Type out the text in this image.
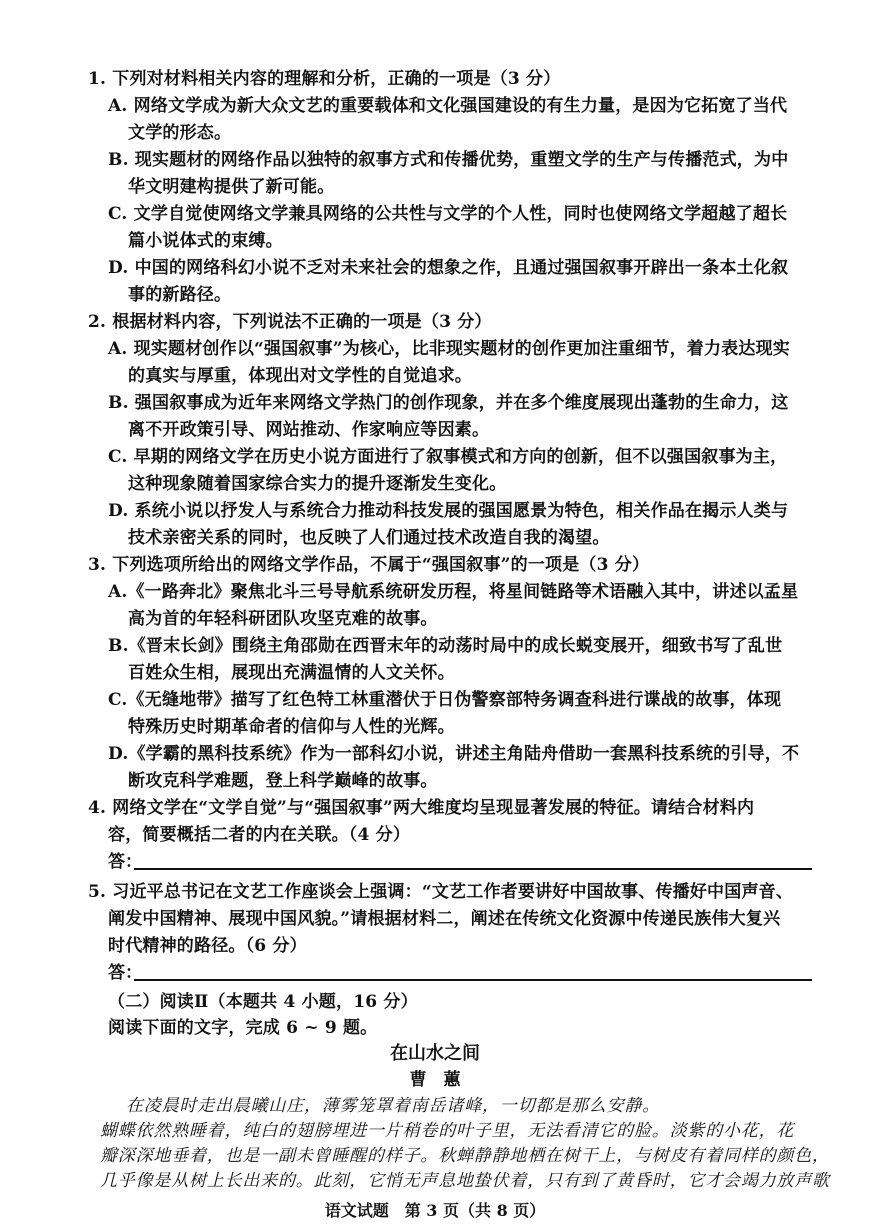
1. 下列对材料相关内容的理解和分析，正确的一项是（3 分）
A. 网络文学成为新大众文艺的重要载体和文化强国建设的有生力量，是因为它拓宽了当代
文学的形态。
B. 现实题材的网络作品以独特的叙事方式和传播优势，重塑文学的生产与传播范式，为中
华文明建构提供了新可能。
C. 文学自觉使网络文学兼具网络的公共性与文学的个人性，同时也使网络文学超越了超长
篇小说体式的束缚。
D. 中国的网络科幻小说不乏对未来社会的想象之作，且通过强国叙事开辟出一条本土化叙
事的新路径。
2. 根据材料内容，下列说法不正确的一项是（3 分）
A. 现实题材创作以“强国叙事”为核心，比非现实题材的创作更加注重细节，着力表达现实
的真实与厚重，体现出对文学性的自觉追求。
B. 强国叙事成为近年来网络文学热门的创作现象，并在多个维度展现出蓬勃的生命力，这
离不开政策引导、网站推动、作家响应等因素。
C. 早期的网络文学在历史小说方面进行了叙事模式和方向的创新，但不以强国叙事为主，
这种现象随着国家综合实力的提升逐渐发生变化。
D. 系统小说以抒发人与系统合力推动科技发展的强国愿景为特色，相关作品在揭示人类与
技术亲密关系的同时，也反映了人们通过技术改造自我的渴望。
3. 下列选项所给出的网络文学作品，不属于“强国叙事”的一项是（3 分）
A.《一路奔北》聚焦北斗三号导航系统研发历程，将星间链路等术语融入其中，讲述以孟星
高为首的年轻科研团队攻坚克难的故事。
B.《晋末长剑》围绕主角邵勋在西晋末年的动荡时局中的成长蜕变展开，细致书写了乱世
百姓众生相，展现出充满温情的人文关怀。
C.《无缝地带》描写了红色特工林重潜伏于日伪警察部特务调查科进行谍战的故事，体现
特殊历史时期革命者的信仰与人性的光辉。
D.《学霸的黑科技系统》作为一部科幻小说，讲述主角陆舟借助一套黑科技系统的引导，不
断攻克科学难题，登上科学巅峰的故事。
4. 网络文学在“文学自觉”与“强国叙事”两大维度均呈现显著发展的特征。请结合材料内
容，简要概括二者的内在关联。（4 分）
答：
5. 习近平总书记在文艺工作座谈会上强调：“文艺工作者要讲好中国故事、传播好中国声音、
阐发中国精神、展现中国风貌。”请根据材料二，阐述在传统文化资源中传递民族伟大复兴
时代精神的路径。（6 分）
答：
（二）阅读Ⅱ（本题共 4 小题，16 分）
阅读下面的文字，完成 6 ~ 9 题。
在山水之间
曹　蕙
在凌晨时走出晨曦山庄，薄雾笼罩着南岳诸峰，一切都是那么安静。
蝴蝶依然熟睡着，纯白的翅膀埋进一片稍卷的叶子里，无法看清它的脸。淡紫的小花，花
瓣深深地垂着，也是一副未曾睡醒的样子。秋蝉静静地栖在树干上，与树皮有着同样的颜色，
几乎像是从树上长出来的。此刻，它悄无声息地蛰伏着，只有到了黄昏时，它才会竭力放声歌
语文试题　第 3 页（共 8 页）
